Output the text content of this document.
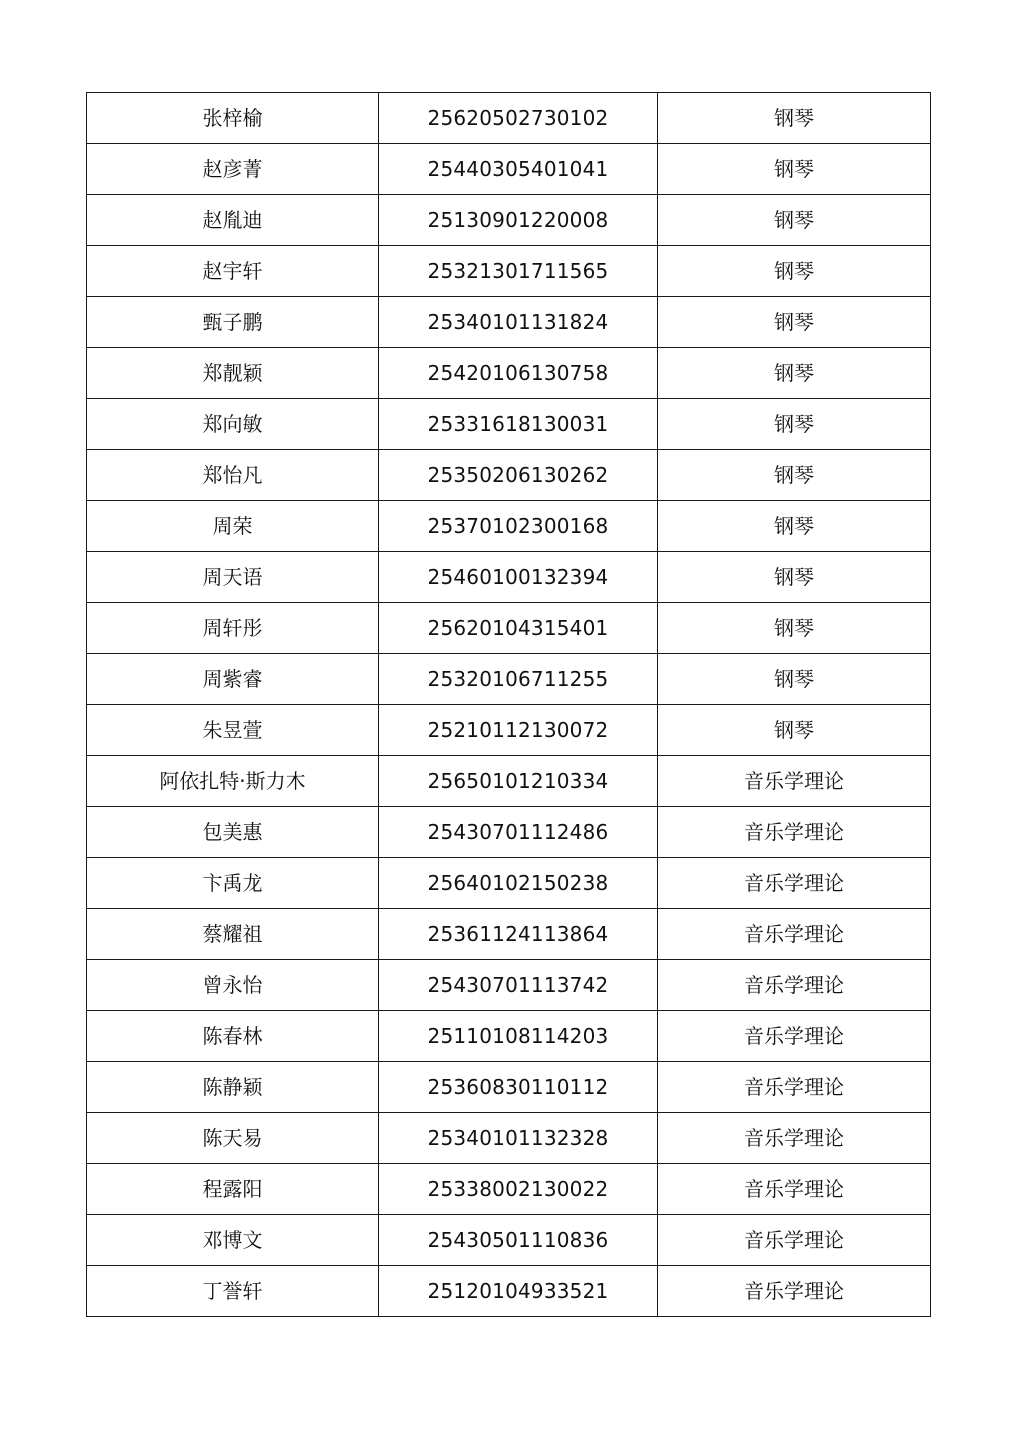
张梓榆	25620502730102	钢琴
赵彦菁	25440305401041	钢琴
赵胤迪	25130901220008	钢琴
赵宇轩	25321301711565	钢琴
甄子鹏	25340101131824	钢琴
郑靓颖	25420106130758	钢琴
郑向敏	25331618130031	钢琴
郑怡凡	25350206130262	钢琴
周荣	25370102300168	钢琴
周天语	25460100132394	钢琴
周轩彤	25620104315401	钢琴
周紫睿	25320106711255	钢琴
朱昱萱	25210112130072	钢琴
阿依扎特·斯力木	25650101210334	音乐学理论
包美惠	25430701112486	音乐学理论
卞禹龙	25640102150238	音乐学理论
蔡耀祖	25361124113864	音乐学理论
曾永怡	25430701113742	音乐学理论
陈春林	25110108114203	音乐学理论
陈静颖	25360830110112	音乐学理论
陈天易	25340101132328	音乐学理论
程露阳	25338002130022	音乐学理论
邓博文	25430501110836	音乐学理论
丁誉轩	25120104933521	音乐学理论
